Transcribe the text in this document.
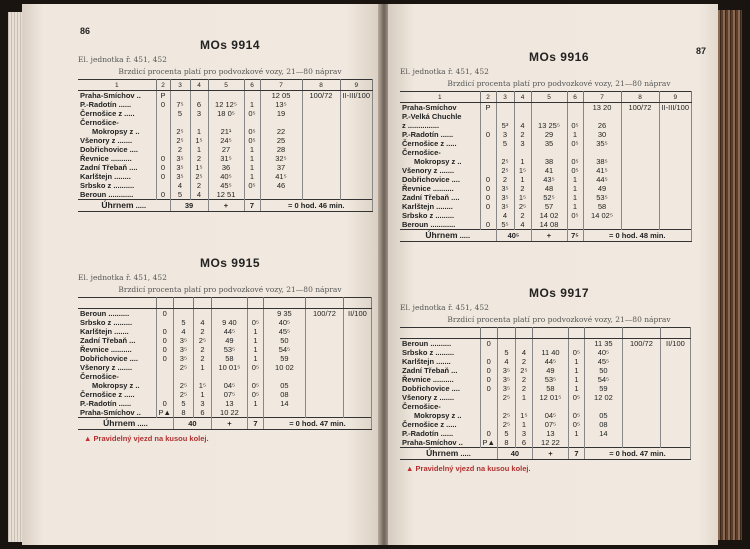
86
MOs 9914
El. jednotka ř. 451, 452
Brzdicí procenta platí pro podvozkové vozy, 21—80 náprav
1	2	3	4	5	6	7	8	9
Praha-Smíchov ..	P					12 05	100/72	II-III/100
P.-Radotín ......	0	7⁵	6	12 12⁵	1	13⁵		
Černošice z .....		5	3	18 0⁵	0⁵	19		
Černošice-								
Mokropsy z ..		2⁵	1	21¹	0⁵	22		
Všenory z .......		2⁵	1⁵	24⁵	0⁵	25		
Dobřichovice ....		2	1	27	1	28		
Řevnice ..........	0	3⁵	2	31⁵	1	32⁵		
Zadní Třebaň ....	0	3⁵	1⁵	36	1	37		
Karlštejn ........	0	3⁵	2⁵	40⁵	1	41⁵		
Srbsko z ..........		4	2	45⁵	0⁵	46		
Beroun ............	0	5	4	12 51				
Úhrnem .....		39		+	7	= 0 hod. 46 min.		
MOs 9915
El. jednotka ř. 451, 452
Brzdicí procenta platí pro podvozkové vozy, 21—80 náprav

Beroun ..........	0					9 35	100/72	II/100
Srbsko z .........		5	4	9 40	0⁵	40⁵		
Karlštejn .......	0	4	2	44⁵	1	45⁵		
Zadní Třebaň ...	0	3⁵	2⁵	49	1	50		
Řevnice ..........	0	3⁵	2	53⁵	1	54⁵		
Dobřichovice ....	0	3⁵	2	58	1	59		
Všenory z .......		2⁵	1	10 01⁵	0⁵	10 02		
Černošice-								
Mokropsy z ..		2⁵	1⁵	04⁵	0⁵	05		
Černošice z .....		2⁵	1	07⁵	0⁵	08		
P.-Radotín ......	0	5	3	13	1	14		
Praha-Smíchov ..	P▲	8	6	10 22				
Úhrnem .....		40		+	7	= 0 hod. 47 min.		
▲ Pravidelný vjezd na kusou kolej.
87
MOs 9916
El. jednotka ř. 451, 452
Brzdicí procenta platí pro podvozkové vozy, 21—80 náprav
1	2	3	4	5	6	7	8	9
Praha-Smíchov	P					13 20	100/72	II-III/100
P.-Velká Chuchle								
z ...............		5³	4	13 25⁵	0⁵	26		
P.-Radotín ......	0	3	2	29	1	30		
Černošice z .....		5	3	35	0⁵	35⁵		
Černošice-								
Mokropsy z ..		2⁵	1	38	0⁵	38⁵		
Všenory z .......		2⁵	1⁵	41	0⁵	41⁵		
Dobřichovice ....	0	2	1	43⁵	1	44⁵		
Řevnice ..........	0	3⁵	2	48	1	49		
Zadní Třebaň ....	0	3⁵	1⁵	52⁵	1	53⁵		
Karlštejn ........	0	3⁵	2⁵	57	1	58		
Srbsko z .........		4	2	14 02	0⁵	14 02⁵		
Beroun ............	0	5⁵	4	14 08				
Úhrnem .....		40⁵		+	7⁵	= 0 hod. 48 min.		
MOs 9917
El. jednotka ř. 451, 452
Brzdicí procenta platí pro podvozkové vozy, 21—80 náprav

Beroun ..........	0					11 35	100/72	II/100
Srbsko z .........		5	4	11 40	0⁵	40⁵		
Karlštejn .......	0	4	2	44⁵	1	45⁵		
Zadní Třebaň ...	0	3⁵	2⁵	49	1	50		
Řevnice ..........	0	3⁵	2	53⁵	1	54⁵		
Dobřichovice ....	0	3⁵	2	58	1	59		
Všenory z .......		2⁵	1	12 01⁵	0⁵	12 02		
Černošice-								
Mokropsy z ..		2⁵	1⁵	04⁵	0⁵	05		
Černošice z .....		2⁵	1	07⁵	0⁵	08		
P.-Radotín ......	0	5	3	13	1	14		
Praha-Smíchov ..	P▲	8	6	12 22				
Úhrnem .....		40		+	7	= 0 hod. 47 min.		
▲ Pravidelný vjezd na kusou kolej.
